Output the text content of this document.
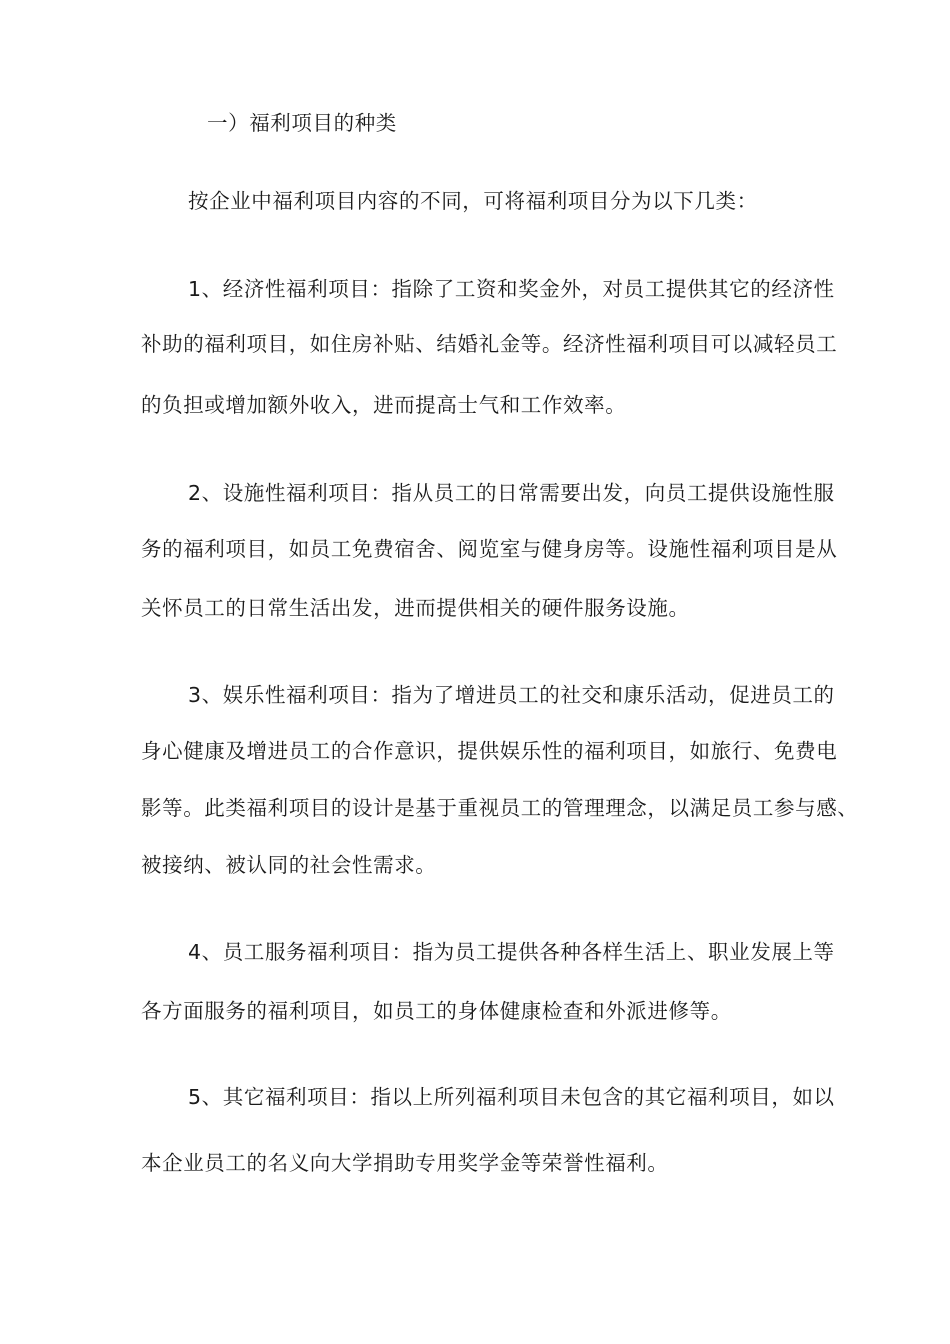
一）福利项目的种类
按企业中福利项目内容的不同，可将福利项目分为以下几类：
1、经济性福利项目：指除了工资和奖金外，对员工提供其它的经济性
补助的福利项目，如住房补贴、结婚礼金等。经济性福利项目可以减轻员工
的负担或增加额外收入，进而提高士气和工作效率。
2、设施性福利项目：指从员工的日常需要出发，向员工提供设施性服
务的福利项目，如员工免费宿舍、阅览室与健身房等。设施性福利项目是从
关怀员工的日常生活出发，进而提供相关的硬件服务设施。
3、娱乐性福利项目：指为了增进员工的社交和康乐活动，促进员工的
身心健康及增进员工的合作意识，提供娱乐性的福利项目，如旅行、免费电
影等。此类福利项目的设计是基于重视员工的管理理念，以满足员工参与感、
被接纳、被认同的社会性需求。
4、员工服务福利项目：指为员工提供各种各样生活上、职业发展上等
各方面服务的福利项目，如员工的身体健康检查和外派进修等。
5、其它福利项目：指以上所列福利项目未包含的其它福利项目，如以
本企业员工的名义向大学捐助专用奖学金等荣誉性福利。
